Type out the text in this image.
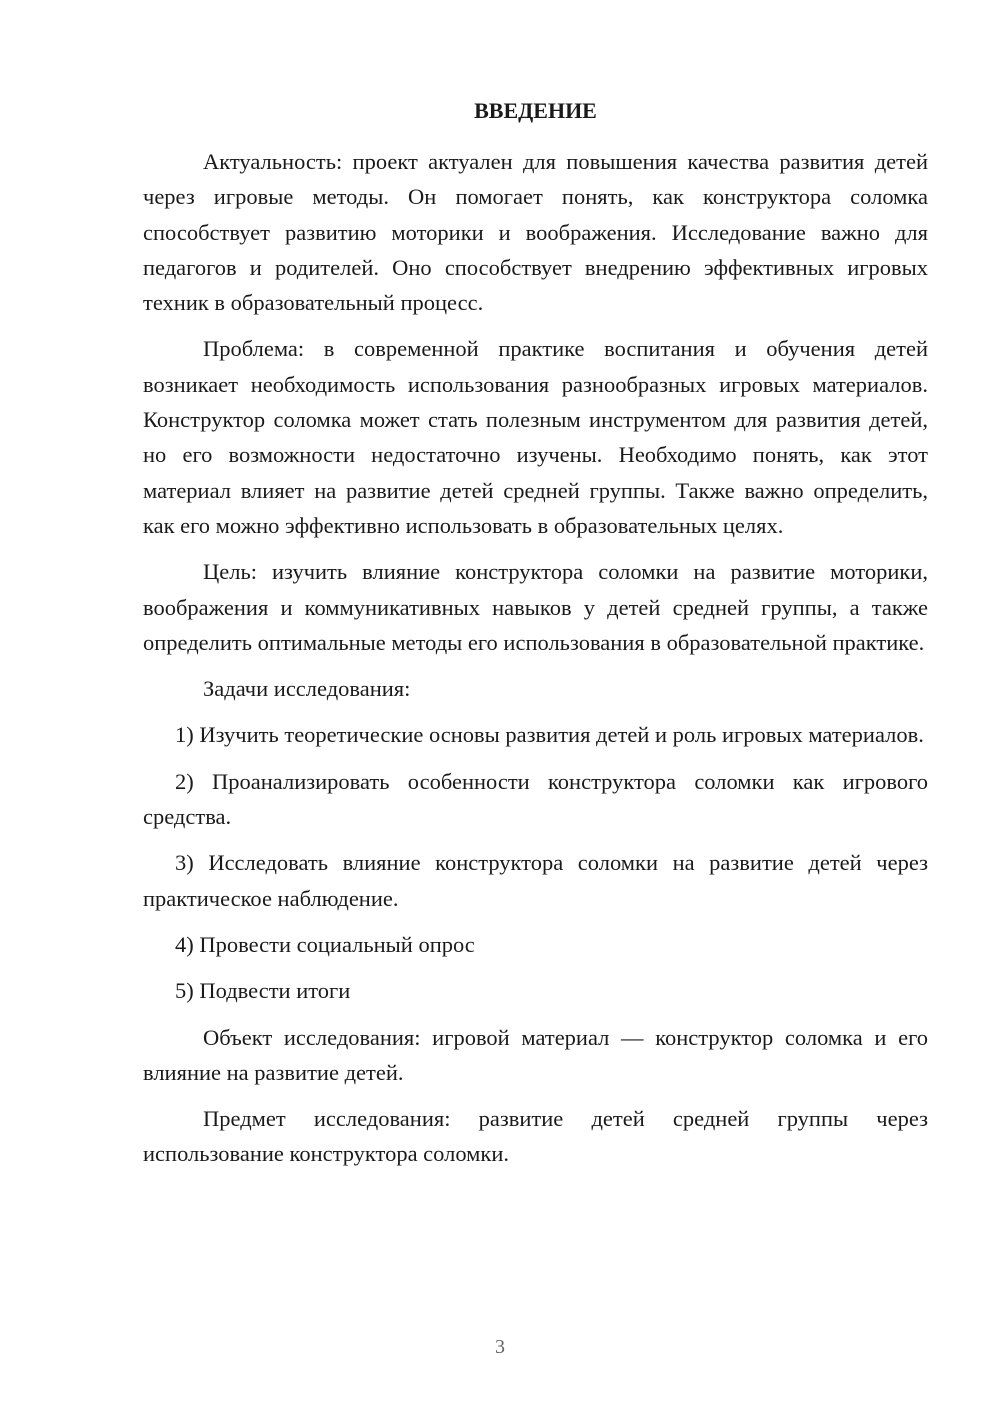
ВВЕДЕНИЕ

Актуальность: проект актуален для повышения качества развития детей через игровые методы. Он помогает понять, как конструктора соломка способствует развитию моторики и воображения. Исследование важно для педагогов и родителей. Оно способствует внедрению эффективных игровых техник в образовательный процесс.

Проблема: в современной практике воспитания и обучения детей возникает необходимость использования разнообразных игровых материалов. Конструктор соломка может стать полезным инструментом для развития детей, но его возможности недостаточно изучены. Необходимо понять, как этот материал влияет на развитие детей средней группы. Также важно определить, как его можно эффективно использовать в образовательных целях.

Цель: изучить влияние конструктора соломки на развитие моторики, воображения и коммуникативных навыков у детей средней группы, а также определить оптимальные методы его использования в образовательной практике.

Задачи исследования:

1) Изучить теоретические основы развития детей и роль игровых материалов.

2) Проанализировать особенности конструктора соломки как игрового средства.

3) Исследовать влияние конструктора соломки на развитие детей через практическое наблюдение.

4) Провести социальный опрос

5) Подвести итоги

Объект исследования: игровой материал — конструктор соломка и его влияние на развитие детей.

Предмет исследования: развитие детей средней группы через использование конструктора соломки.

3
